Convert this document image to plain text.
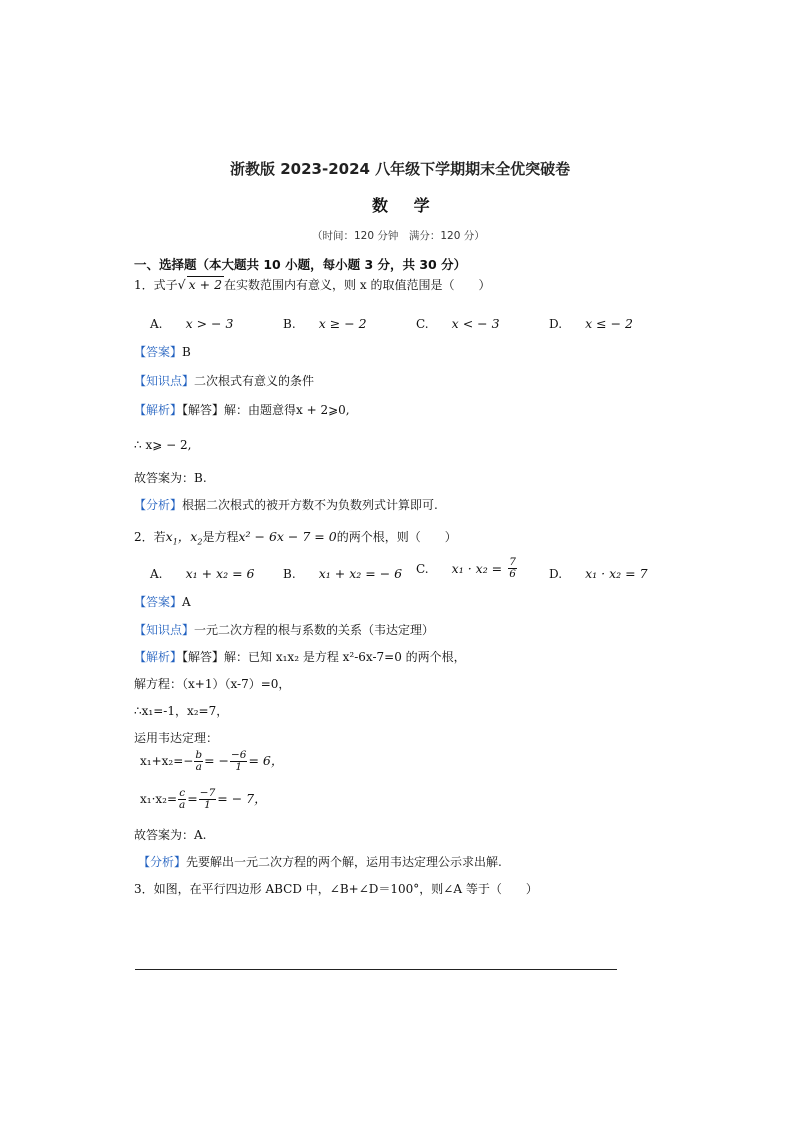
浙教版 2023-2024 八年级下学期期末全优突破卷
数 学
（时间：120 分钟　满分：120 分）
一、选择题（本大题共 10 小题，每小题 3 分，共 30 分）
1．式子√ x + 2 在实数范围内有意义，则 x 的取值范围是（　　）
A. x > − 3	B. x ≥ − 2	C. x < − 3	D. x ≤ − 2
【答案】B
【知识点】二次根式有意义的条件
【解析】【解答】解：由题意得x + 2⩾0,
∴ x⩾ − 2,
故答案为：B.
【分析】根据二次根式的被开方数不为负数列式计算即可.
2．若$x_1$，$x_2$是方程x² − 6x − 7 = 0的两个根，则（　　）
A. x₁ + x₂ = 6 B. x₁ + x₂ = − 6 C. $x_1 \cdot x_2 = \frac{7}{6}$	D. x₁ · x₂ = 7
【答案】A
【知识点】一元二次方程的根与系数的关系（韦达定理）
【解析】【解答】解：已知 x₁x₂ 是方程 x²-6x-7=0 的两个根，
解方程：（x+1）（x-7）=0，
∴x₁=-1，x₂=7，
运用韦达定理：
$x_1+x_2=- \frac{b}{a}$ = − $\frac{-6}{1} = 6$，
$x_1\cdot x_2= \frac{c}{a} = \frac{-7}{1}$ = − 7，
故答案为：A.
【分析】先要解出一元二次方程的两个解，运用韦达定理公示求出解.
3．如图，在平行四边形 ABCD 中，∠B+∠D＝100°，则∠A 等于（　　）
